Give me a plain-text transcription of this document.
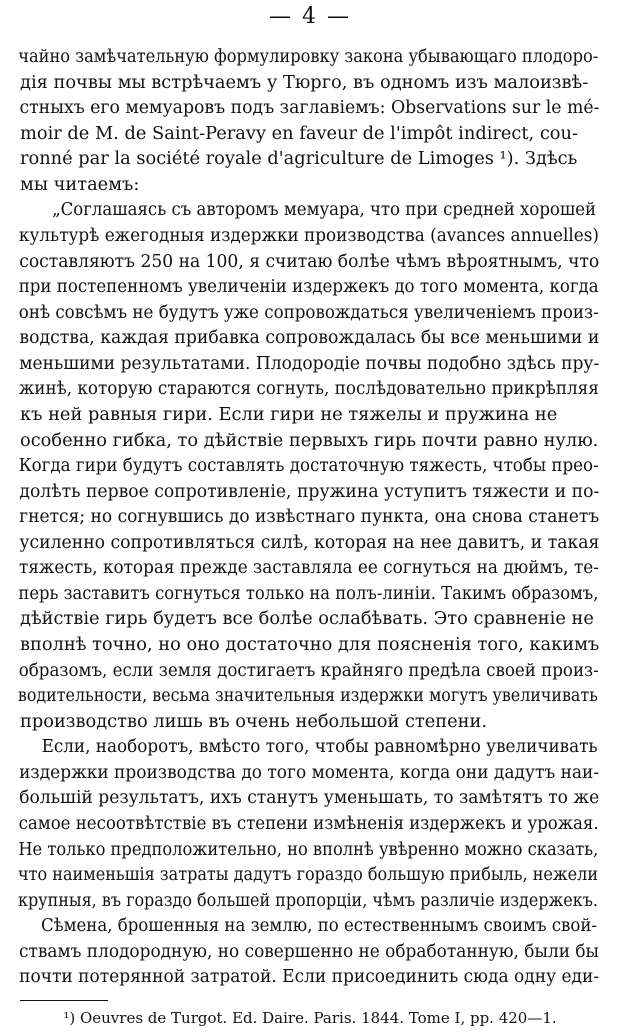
— 4 —
чайно замѣчательную формулировку закона убывающаго плодоро-
дія почвы мы встрѣчаемъ у Тюрго, въ одномъ изъ малоизвѣ-
стныхъ его мемуаровъ подъ заглавіемъ: Observations sur le mé-
moir de M. de Saint-Peravy en faveur de l'impôt indirect, cou-
ronné par la société royale d'agriculture de Limoges ¹). Здѣсь
мы читаемъ:
„Соглашаясь съ авторомъ мемуара, что при средней хорошей
культурѣ ежегодныя издержки производства (avances annuelles)
составляютъ 250 на 100, я считаю болѣе чѣмъ вѣроятнымъ, что
при постепенномъ увеличеніи издержекъ до того момента, когда
онѣ совсѣмъ не будутъ уже сопровождаться увеличеніемъ произ-
водства, каждая прибавка сопровождалась бы все меньшими и
меньшими результатами. Плодородіе почвы подобно здѣсь пру-
жинѣ, которую стараются согнуть, послѣдовательно прикрѣпляя
къ ней равныя гири. Если гири не тяжелы и пружина не
особенно гибка, то дѣйствіе первыхъ гирь почти равно нулю.
Когда гири будутъ составлять достаточную тяжесть, чтобы прео-
долѣть первое сопротивленіе, пружина уступитъ тяжести и по-
гнется; но согнувшись до извѣстнаго пункта, она снова станетъ
усиленно сопротивляться силѣ, которая на нее давитъ, и такая
тяжесть, которая прежде заставляла ее согнуться на дюймъ, те-
перь заставитъ согнуться только на полъ-линіи. Такимъ образомъ,
дѣйствіе гирь будетъ все болѣе ослабѣвать. Это сравненіе не
вполнѣ точно, но оно достаточно для поясненія того, какимъ
образомъ, если земля достигаетъ крайняго предѣла своей произ-
водительности, весьма значительныя издержки могутъ увеличивать
производство лишь въ очень небольшой степени.
Если, наоборотъ, вмѣсто того, чтобы равномѣрно увеличивать
издержки производства до того момента, когда они дадутъ наи-
большій результатъ, ихъ станутъ уменьшать, то замѣтятъ то же
самое несоотвѣтствіе въ степени измѣненія издержекъ и урожая.
Не только предположительно, но вполнѣ увѣренно можно сказать,
что наименьшія затраты дадутъ гораздо большую прибыль, нежели
крупныя, въ гораздо большей пропорціи, чѣмъ различіе издержекъ.
Сѣмена, брошенныя на землю, по естественнымъ своимъ свой-
ствамъ плодородную, но совершенно не обработанную, были бы
почти потерянной затратой. Если присоединить сюда одну еди-
¹) Oeuvres de Turgot. Ed. Daire. Paris. 1844. Tome I, pp. 420—1.
